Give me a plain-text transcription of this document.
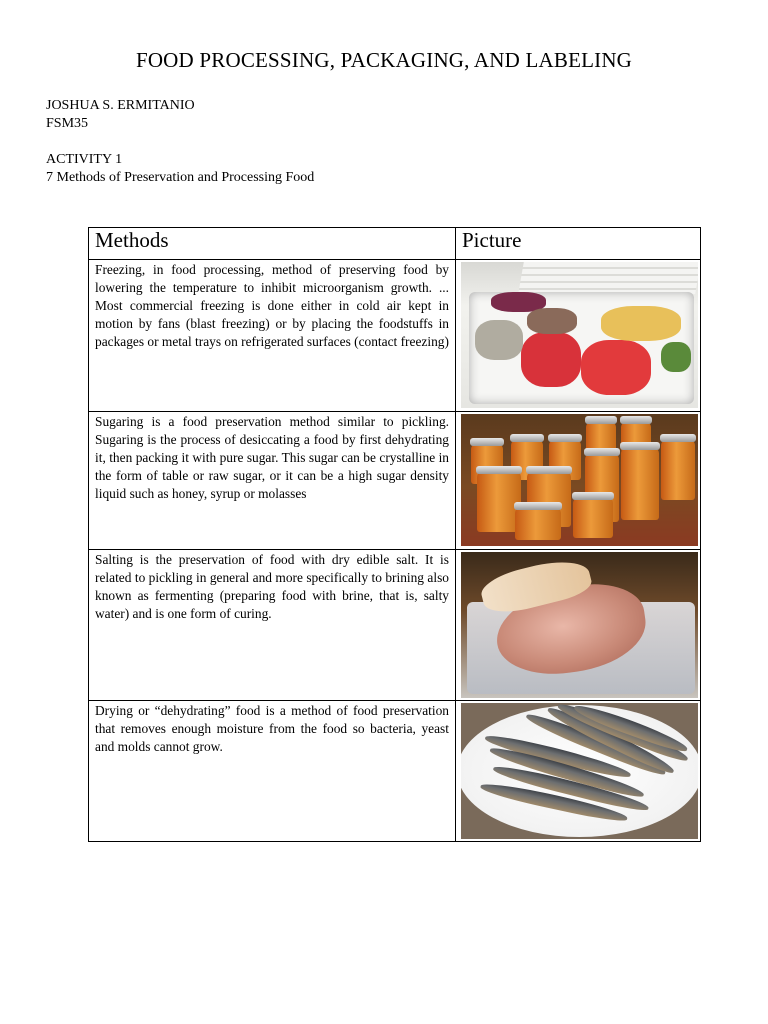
FOOD PROCESSING, PACKAGING, AND LABELING
JOSHUA S. ERMITANIO
FSM35
ACTIVITY 1
7 Methods of Preservation and Processing Food
Methods	Picture
Freezing, in food processing, method of preserving food by lowering the temperature to inhibit microorganism growth. ... Most commercial freezing is done either in cold air kept in motion by fans (blast freezing) or by placing the foodstuffs in packages or metal trays on refrigerated surfaces (contact freezing)	

Sugaring is a food preservation method similar to pickling. Sugaring is the process of desiccating a food by first dehydrating it, then packing it with pure sugar. This sugar can be crystalline in the form of table or raw sugar, or it can be a high sugar density liquid such as honey, syrup or molasses	

Salting is the preservation of food with dry edible salt. It is related to pickling in general and more specifically to brining also known as fermenting (preparing food with brine, that is, salty water) and is one form of curing.	

Drying or “dehydrating” food is a method of food preservation that removes enough moisture from the food so bacteria, yeast and molds cannot grow.	
